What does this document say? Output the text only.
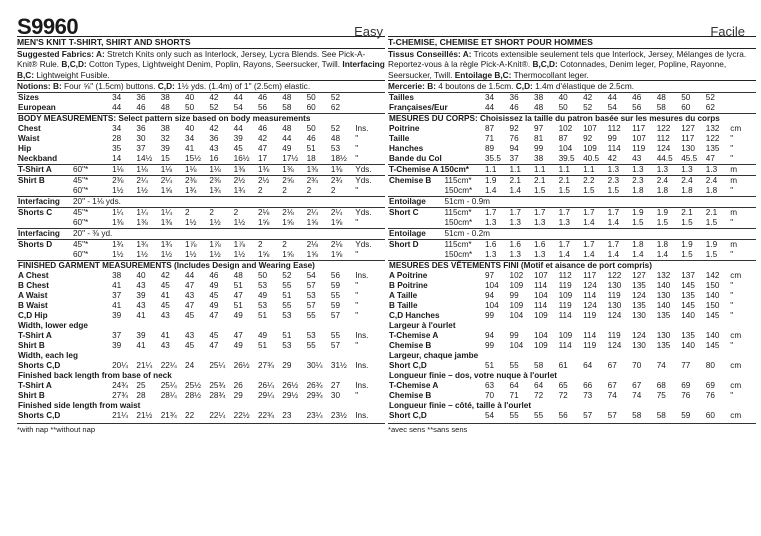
S9960	Easy
MEN'S KNIT T-SHIRT, SHIRT AND SHORTS
Suggested Fabrics: A: Stretch Knits only such as Interlock, Jersey, Lycra Blends. See Pick-A-Knit® Rule. B,C,D: Cotton Types, Lightweight Denim, Poplin, Rayons, Seersucker, Twill. Interfacing B,C: Lightweight Fusible.
Notions: B: Four ⅝" (1.5cm) buttons. C,D: 1½ yds. (1.4m) of 1" (2.5cm) elastic.
Sizes		34	36	38	40	42	44	46	48	50	52	
European		44	46	48	50	52	54	56	58	60	62	
BODY MEASUREMENTS: Select pattern size based on body measurements												
Chest		34	36	38	40	42	44	46	48	50	52	Ins.
Waist		28	30	32	34	36	39	42	44	46	48	"
Hip		35	37	39	41	43	45	47	49	51	53	"
Neckband		14	14½	15	15½	16	16½	17	17½	18	18½	"
T-Shirt A	60"*	1⅛	1⅛	1⅛	1⅛	1⅛	1⅜	1⅜	1⅜	1⅜	1⅜	Yds.
Shirt B	45"*	2⅜	2¼	2¼	2⅜	2⅜	2½	2½	2⅝	2¾	2¾	Yds.
	60"*	1½	1½	1⅝	1¾	1¾	1¾	2	2	2	2	"
Interfacing	20" - 1⅛ yds.											
Shorts C	45"*	1¼	1¼	1¼	2	2	2	2⅛	2⅛	2¼	2¼	Yds.
	60"*	1⅜	1⅜	1⅜	1½	1½	1½	1⅝	1⅝	1⅝	1⅝	"
Interfacing	20" - ⅜ yd.											
Shorts D	45"*	1¾	1¾	1¾	1⅞	1⅞	1⅞	2	2	2⅛	2⅛	Yds.
	60"*	1½	1½	1½	1½	1½	1½	1⅝	1⅝	1⅝	1⅝	"
FINISHED GARMENT MEASUREMENTS (Includes Design and Wearing Ease)												
A Chest		38	40	42	44	46	48	50	52	54	56	Ins.
B Chest		41	43	45	47	49	51	53	55	57	59	"
A Waist		37	39	41	43	45	47	49	51	53	55	"
B Waist		41	43	45	47	49	51	53	55	57	59	"
C,D Hip		39	41	43	45	47	49	51	53	55	57	"
Width, lower edge												
T-Shirt A		37	39	41	43	45	47	49	51	53	55	Ins.
Shirt B		39	41	43	45	47	49	51	53	55	57	"
Width, each leg												
Shorts C,D		20¼	21¼	22¼	24	25¼	26½	27¾	29	30¼	31½	Ins.
Finished back length from base of neck												
T-Shirt A		24¾	25	25¼	25½	25¾	26	26¼	26½	26¾	27	Ins.
Shirt B		27¾	28	28¼	28½	28¾	29	29¼	29½	29¾	30	"
Finished side length from waist												
Shorts C,D		21¼	21½	21¾	22	22¼	22½	22¾	23	23¼	23½	Ins.
*with nap **without nap
Facile
T-CHEMISE, CHEMISE ET SHORT POUR HOMMES
Tissus Conseillés: A: Tricots extensible seulement tels que Interlock, Jersey, Mélanges de lycra. Reportez-vous à la règle Pick-A-Knit®. B,C,D: Cotonnades, Denim leger, Popline, Rayonne, Seersucker, Twill. Entoilage B,C: Thermocollant leger.
Mercerie: B: 4 boutons de 1.5cm. C,D: 1.4m d'élastique de 2.5cm.
Tailles		34	36	38	40	42	44	46	48	50	52	
Françaises/Eur		44	46	48	50	52	54	56	58	60	62	
MESURES DU CORPS: Choisissez la taille du patron basée sur les mesures du corps												
Poitrine		87	92	97	102	107	112	117	122	127	132	cm
Taille		71	76	81	87	92	99	107	112	117	122	"
Hanches		89	94	99	104	109	114	119	124	130	135	"
Bande du Col		35.5	37	38	39.5	40.5	42	43	44.5	45.5	47	"
T-Chemise A 150cm*		1.1	1.1	1.1	1.1	1.1	1.3	1.3	1.3	1.3	1.3	m
Chemise B	115cm*	1.9	2.1	2.1	2.1	2.2	2.3	2.3	2.4	2.4	2.4	m
	150cm*	1.4	1.4	1.5	1.5	1.5	1.5	1.8	1.8	1.8	1.8	"
Entoilage	51cm - 0.9m											
Short C	115cm*	1.7	1.7	1.7	1.7	1.7	1.7	1.9	1.9	2.1	2.1	m
	150cm*	1.3	1.3	1.3	1.3	1.4	1.4	1.5	1.5	1.5	1.5	"
Entoilage	51cm - 0.2m											
Short D	115cm*	1.6	1.6	1.6	1.7	1.7	1.7	1.8	1.8	1.9	1.9	m
	150cm*	1.3	1.3	1.3	1.4	1.4	1.4	1.4	1.4	1.5	1.5	"
MESURES DES VÊTEMENTS FINI (Motif et aisance de port compris)												
A Poitrine		97	102	107	112	117	122	127	132	137	142	cm
B Poitrine		104	109	114	119	124	130	135	140	145	150	"
A Taille		94	99	104	109	114	119	124	130	135	140	"
B Taille		104	109	114	119	124	130	135	140	145	150	"
C,D Hanches		99	104	109	114	119	124	130	135	140	145	"
Largeur à l'ourlet												
T-Chemise A		94	99	104	109	114	119	124	130	135	140	cm
Chemise B		99	104	109	114	119	124	130	135	140	145	"
Largeur, chaque jambe												
Short C,D		51	55	58	61	64	67	70	74	77	80	cm
Longueur finie – dos, votre nuque à l'ourlet												
T-Chemise A		63	64	64	65	66	67	67	68	69	69	cm
Chemise B		70	71	72	72	73	74	74	75	76	76	"
Longueur finie – côté, taille à l'ourlet												
Short C,D		54	55	55	56	57	57	58	58	59	60	cm
*avec sens **sans sens
